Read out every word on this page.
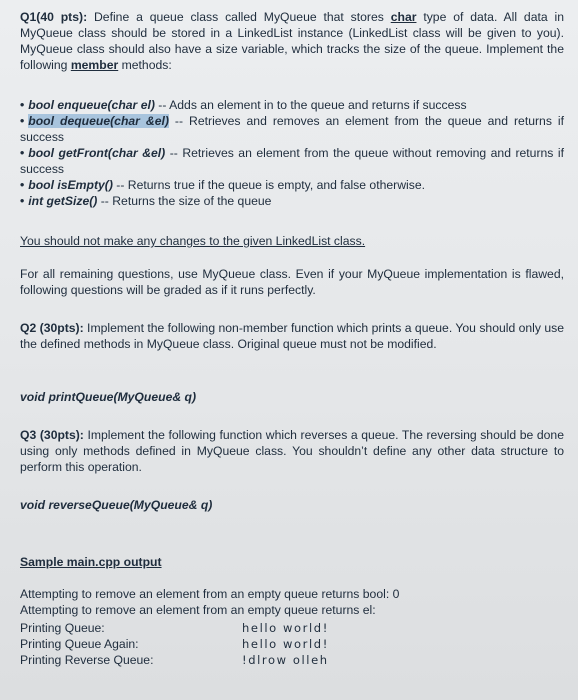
Q1(40 pts): Define a queue class called MyQueue that stores char type of data. All data in MyQueue class should be stored in a LinkedList instance (LinkedList class will be given to you). MyQueue class should also have a size variable, which tracks the size of the queue. Implement the following member methods:
• bool enqueue(char el) -- Adds an element in to the queue and returns if success
• bool dequeue(char &el) -- Retrieves and removes an element from the queue and returns if success
• bool getFront(char &el) -- Retrieves an element from the queue without removing and returns if success
• bool isEmpty() -- Returns true if the queue is empty, and false otherwise.
• int getSize() -- Returns the size of the queue
You should not make any changes to the given LinkedList class.
For all remaining questions, use MyQueue class. Even if your MyQueue implementation is flawed, following questions will be graded as if it runs perfectly.
Q2 (30pts): Implement the following non-member function which prints a queue. You should only use the defined methods in MyQueue class. Original queue must not be modified.
void printQueue(MyQueue& q)
Q3 (30pts): Implement the following function which reverses a queue. The reversing should be done using only methods defined in MyQueue class. You shouldn’t define any other data structure to perform this operation.
void reverseQueue(MyQueue& q)
Sample main.cpp output
Attempting to remove an element from an empty queue returns bool: 0
Attempting to remove an element from an empty queue returns el:
Printing Queue:	hello world!
Printing Queue Again:	hello world!
Printing Reverse Queue:	!dlrow olleh
